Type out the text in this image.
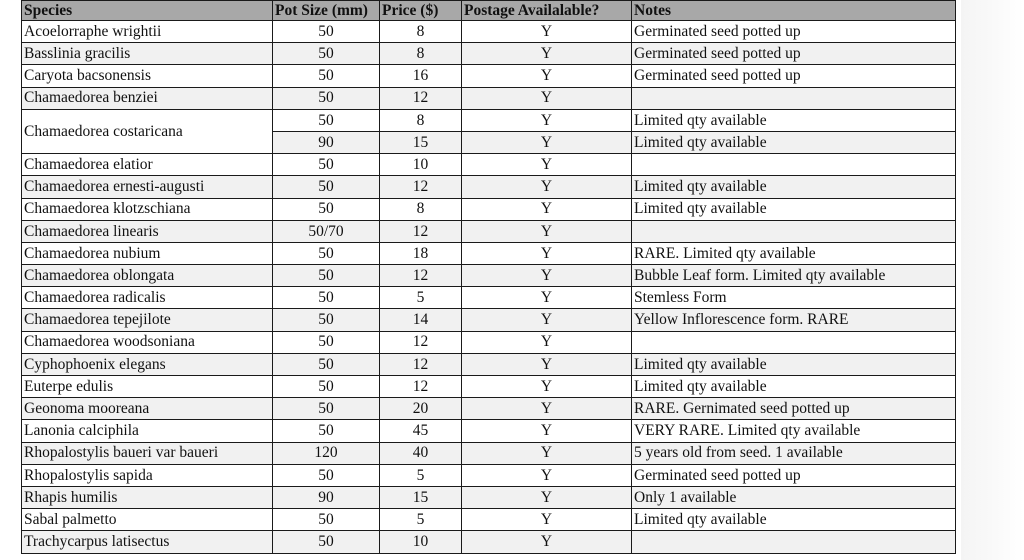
Species	Pot Size (mm)	Price ($)	Postage Availalable?	Notes
Acoelorraphe wrightii	50	8	Y	Germinated seed potted up
Basslinia gracilis	50	8	Y	Germinated seed potted up
Caryota bacsonensis	50	16	Y	Germinated seed potted up
Chamaedorea benziei	50	12	Y	
Chamaedorea costaricana	50	8	Y	Limited qty available
	90	15	Y	Limited qty available
Chamaedorea elatior	50	10	Y	
Chamaedorea ernesti-augusti	50	12	Y	Limited qty available
Chamaedorea klotzschiana	50	8	Y	Limited qty available
Chamaedorea linearis	50/70	12	Y	
Chamaedorea nubium	50	18	Y	RARE. Limited qty available
Chamaedorea oblongata	50	12	Y	Bubble Leaf form. Limited qty available
Chamaedorea radicalis	50	5	Y	Stemless Form
Chamaedorea tepejilote	50	14	Y	Yellow Inflorescence form. RARE
Chamaedorea woodsoniana	50	12	Y	
Cyphophoenix elegans	50	12	Y	Limited qty available
Euterpe edulis	50	12	Y	Limited qty available
Geonoma mooreana	50	20	Y	RARE. Gernimated seed potted up
Lanonia calciphila	50	45	Y	VERY RARE. Limited qty available
Rhopalostylis baueri var baueri	120	40	Y	5 years old from seed. 1 available
Rhopalostylis sapida	50	5	Y	Germinated seed potted up
Rhapis humilis	90	15	Y	Only 1 available
Sabal palmetto	50	5	Y	Limited qty available
Trachycarpus latisectus	50	10	Y	
